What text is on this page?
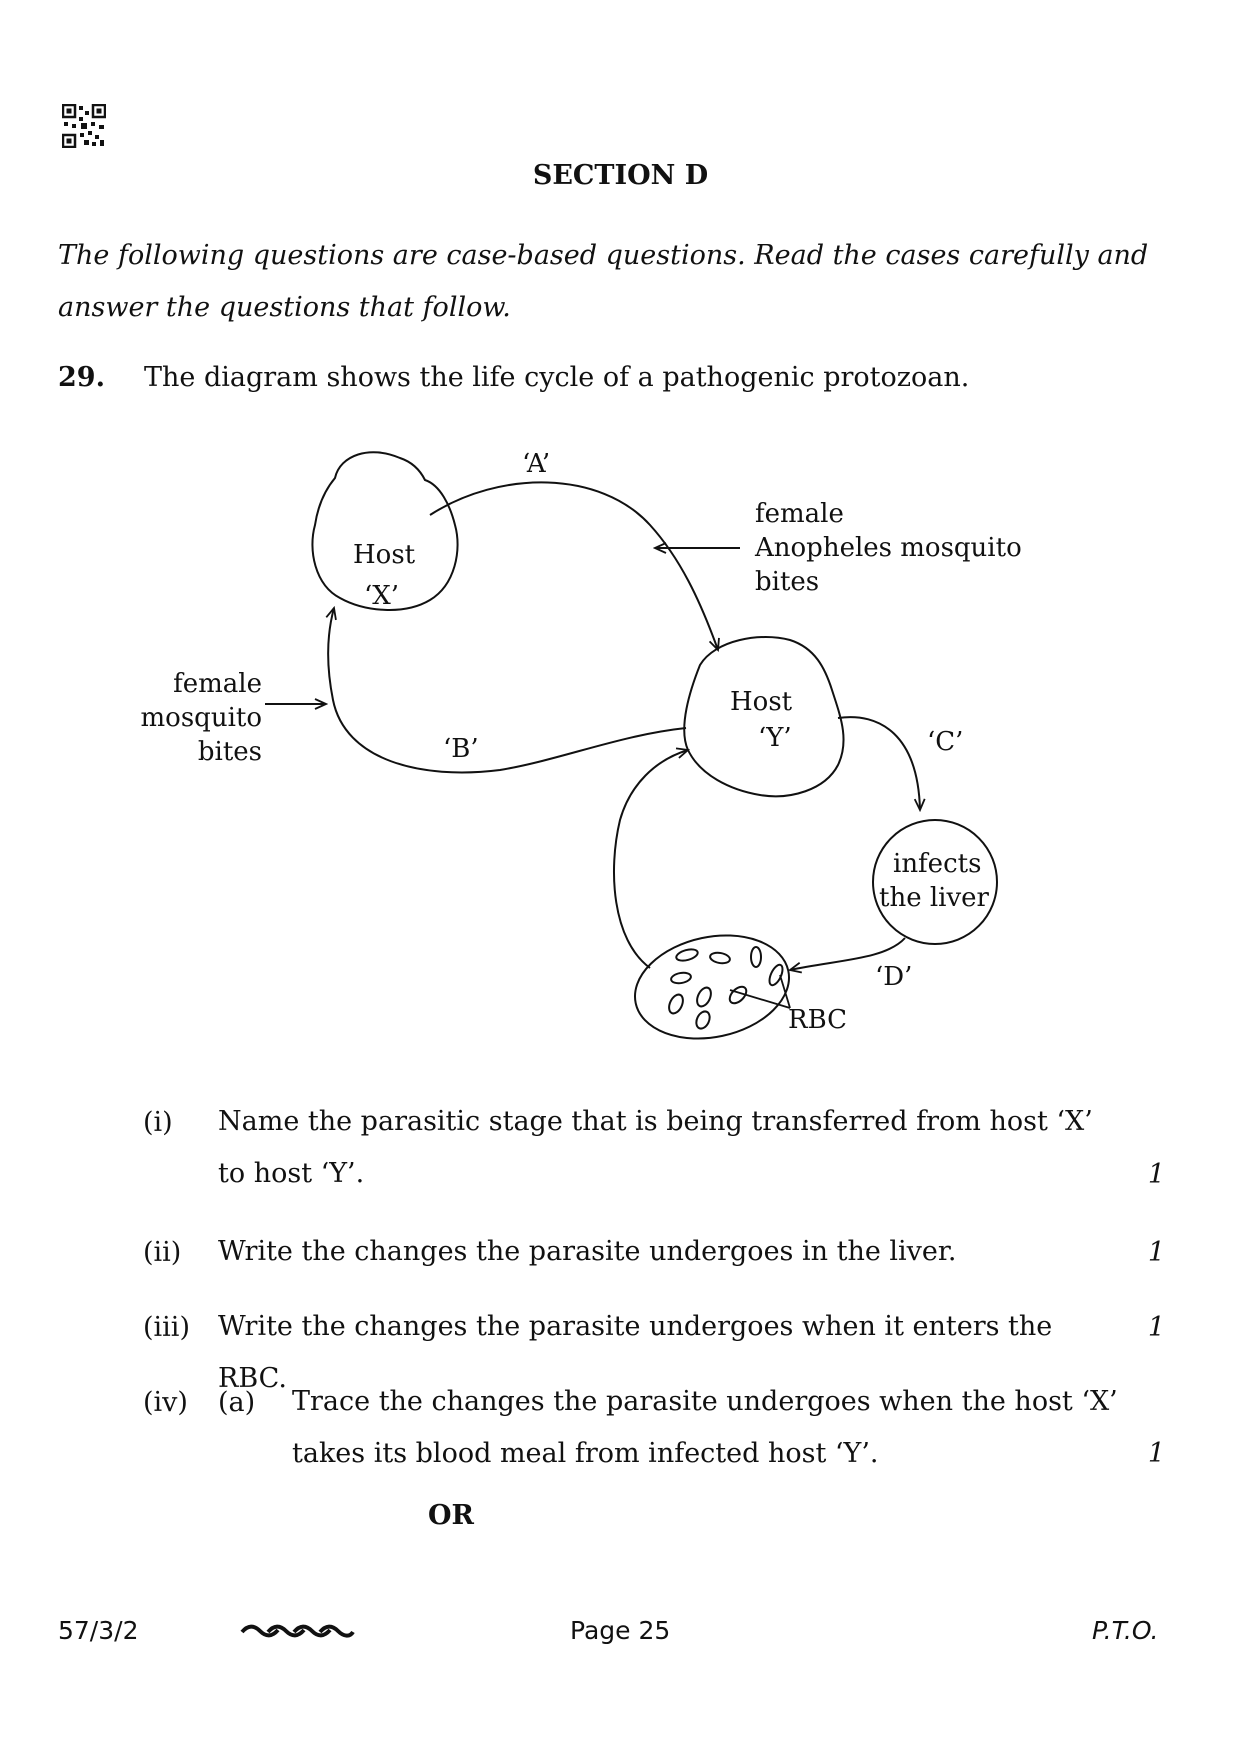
SECTION D
The following questions are case-based questions. Read the cases carefully and answer the questions that follow.
29. The diagram shows the life cycle of a pathogenic protozoan.
Host
‘X’
Host
‘Y’
infects
the liver
‘A’
‘B’	‘C’
‘D’
RBC
female
Anopheles mosquito
bites
female
mosquito
bites
(i) Name the parasitic stage that is being transferred from host ‘X’ to host ‘Y’.	1
(ii) Write the changes the parasite undergoes in the liver.	1
(iii) Write the changes the parasite undergoes when it enters the RBC.
1
(iv) (a) Trace the changes the parasite undergoes when the host ‘X’ takes its blood meal from infected host ‘Y’.	1
OR
57/3/2	Page 25	P.T.O.
